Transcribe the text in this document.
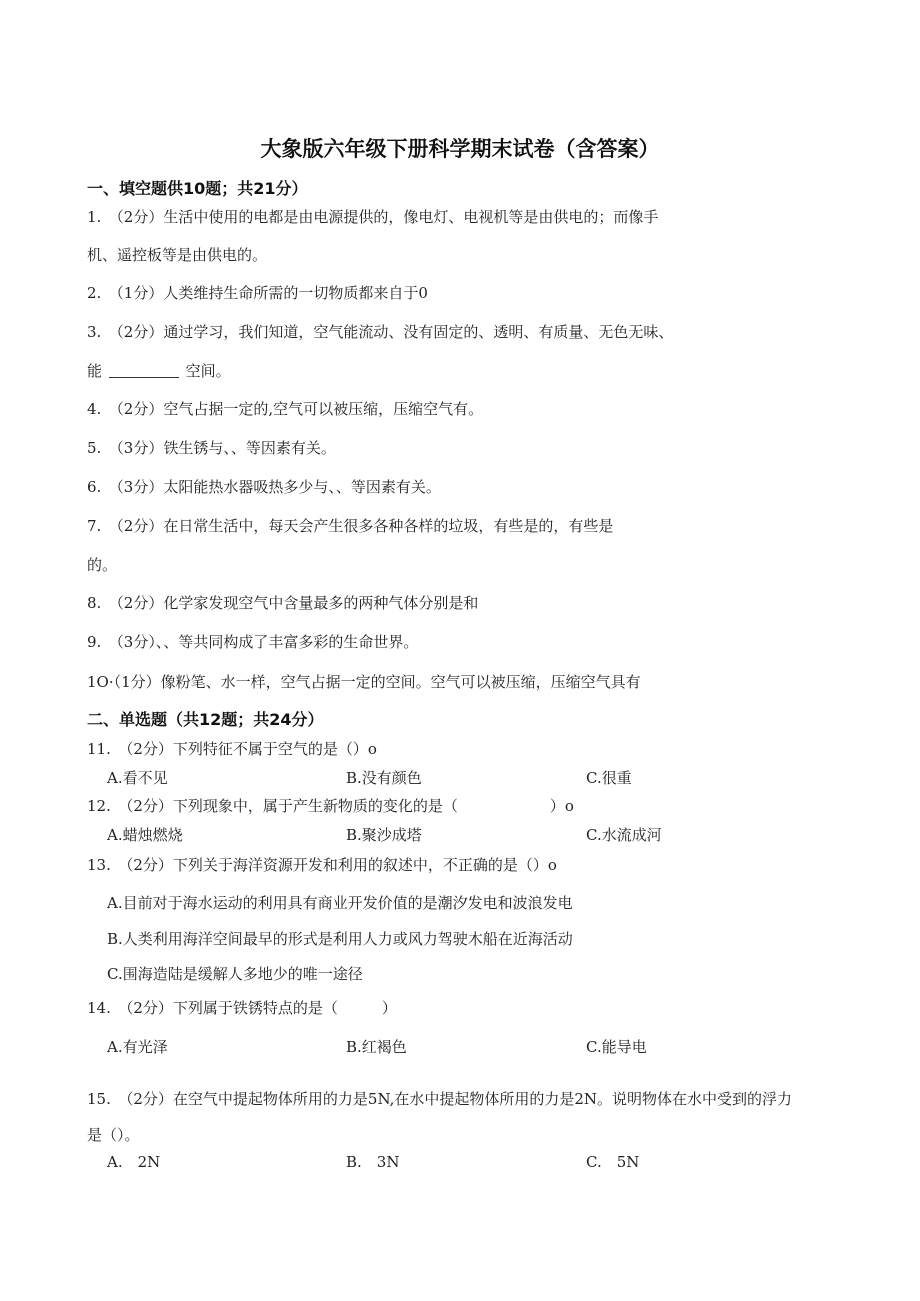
大象版六年级下册科学期末试卷（含答案）
一、填空题供10题；共21分）
1.　（2分）生活中使用的电都是由电源提供的，像电灯、电视机等是由供电的；而像手
机、遥控板等是由供电的。
2.　（1分）人类维持生命所需的一切物质都来自于0
3.　（2分）通过学习，我们知道，空气能流动、没有固定的、透明、有质量、无色无味、
能	空间。
4.　（2分）空气占据一定的,空气可以被压缩，压缩空气有。
5.　（3分）铁生锈与、、等因素有关。
6.　（3分）太阳能热水器吸热多少与、、等因素有关。
7.　（2分）在日常生活中，每天会产生很多各种各样的垃圾，有些是的，有些是
的。
8.　（2分）化学家发现空气中含量最多的两种气体分别是和
9.　（3分）、、等共同构成了丰富多彩的生命世界。
1O·（1分）像粉笔、水一样，空气占据一定的空间。空气可以被压缩，压缩空气具有
二、单选题（共12题；共24分）
11.　（2分）下列特征不属于空气的是（）o
A.看不见	B.没有颜色	C.很重
12.　（2分）下列现象中，属于产生新物质的变化的是（	）o
A.蜡烛燃烧	B.聚沙成塔	C.水流成河
13.　（2分）下列关于海洋资源开发和利用的叙述中，不正确的是（）o
A.目前对于海水运动的利用具有商业开发价值的是潮汐发电和波浪发电
B.人类利用海洋空间最早的形式是利用人力或风力驾驶木船在近海活动
C.围海造陆是缓解人多地少的唯一途径
14.　（2分）下列属于铁锈特点的是（	）
A.有光泽	B.红褐色	C.能导电
15.　（2分）在空气中提起物体所用的力是5N,在水中提起物体所用的力是2N。说明物体在水中受到的浮力
是（）。
A.　2N	B.　3N	C.　5N
